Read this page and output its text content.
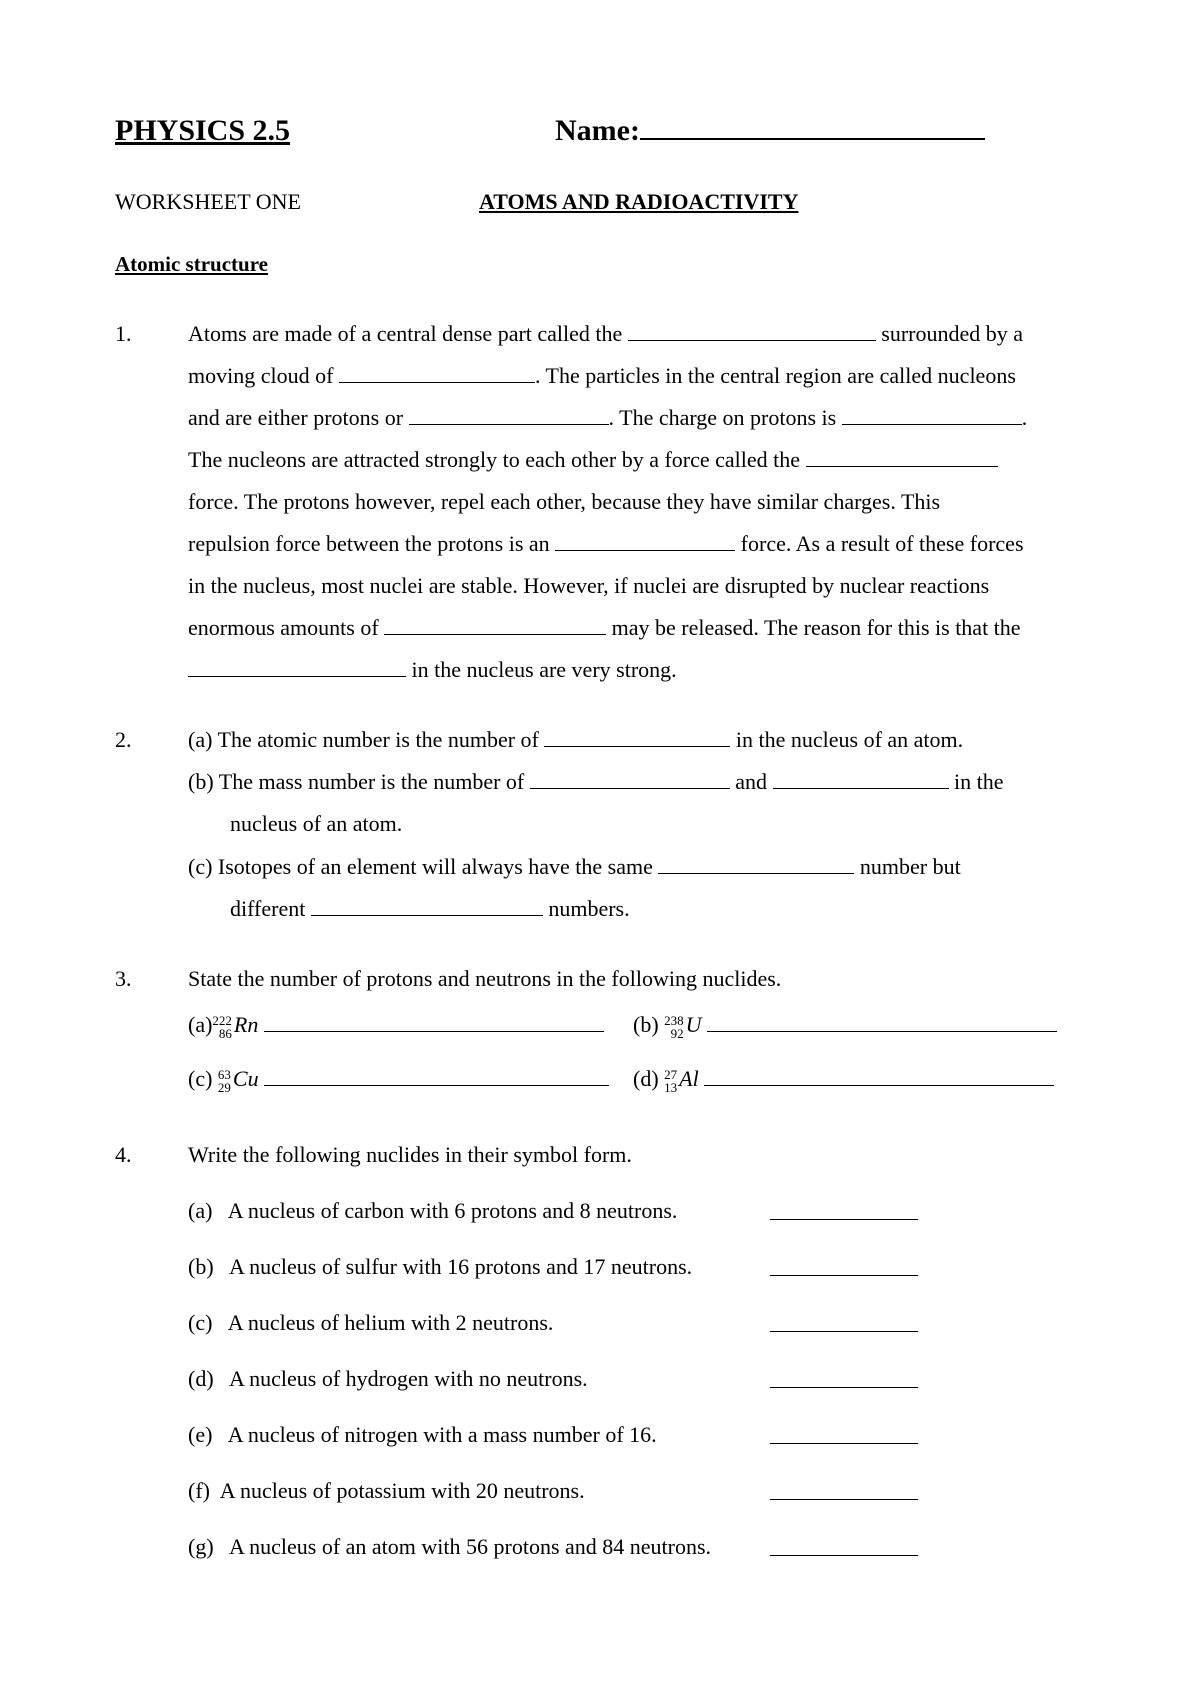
PHYSICS 2.5	Name:
WORKSHEET ONE	ATOMS AND RADIOACTIVITY
Atomic structure
1.	Atoms are made of a central dense part called the	surrounded by a
moving cloud of	. The particles in the central region are called nucleons
and are either protons or	. The charge on protons is	.
The nucleons are attracted strongly to each other by a force called the
force. The protons however, repel each other, because they have similar charges. This
repulsion force between the protons is an	force. As a result of these forces
in the nucleus, most nuclei are stable. However, if nuclei are disrupted by nuclear reactions
enormous amounts of	may be released. The reason for this is that the
in the nucleus are very strong.
2.	(a) The atomic number is the number of	in the nucleus of an atom.
(b) The mass number is the number of	and	in the
nucleus of an atom.
(c) Isotopes of an element will always have the same	number but
different	numbers.
3.	State the number of protons and neutrons in the following nuclides.
(a) 222
86 Rn	(b) 238
92 U
(c) 63
29 Cu	(d) 27
13 Al
4.	Write the following nuclides in their symbol form.
(a) A nucleus of carbon with 6 protons and 8 neutrons.
(b) A nucleus of sulfur with 16 protons and 17 neutrons.
(c) A nucleus of helium with 2 neutrons.
(d) A nucleus of hydrogen with no neutrons.
(e) A nucleus of nitrogen with a mass number of 16.
(f) A nucleus of potassium with 20 neutrons.
(g) A nucleus of an atom with 56 protons and 84 neutrons.
